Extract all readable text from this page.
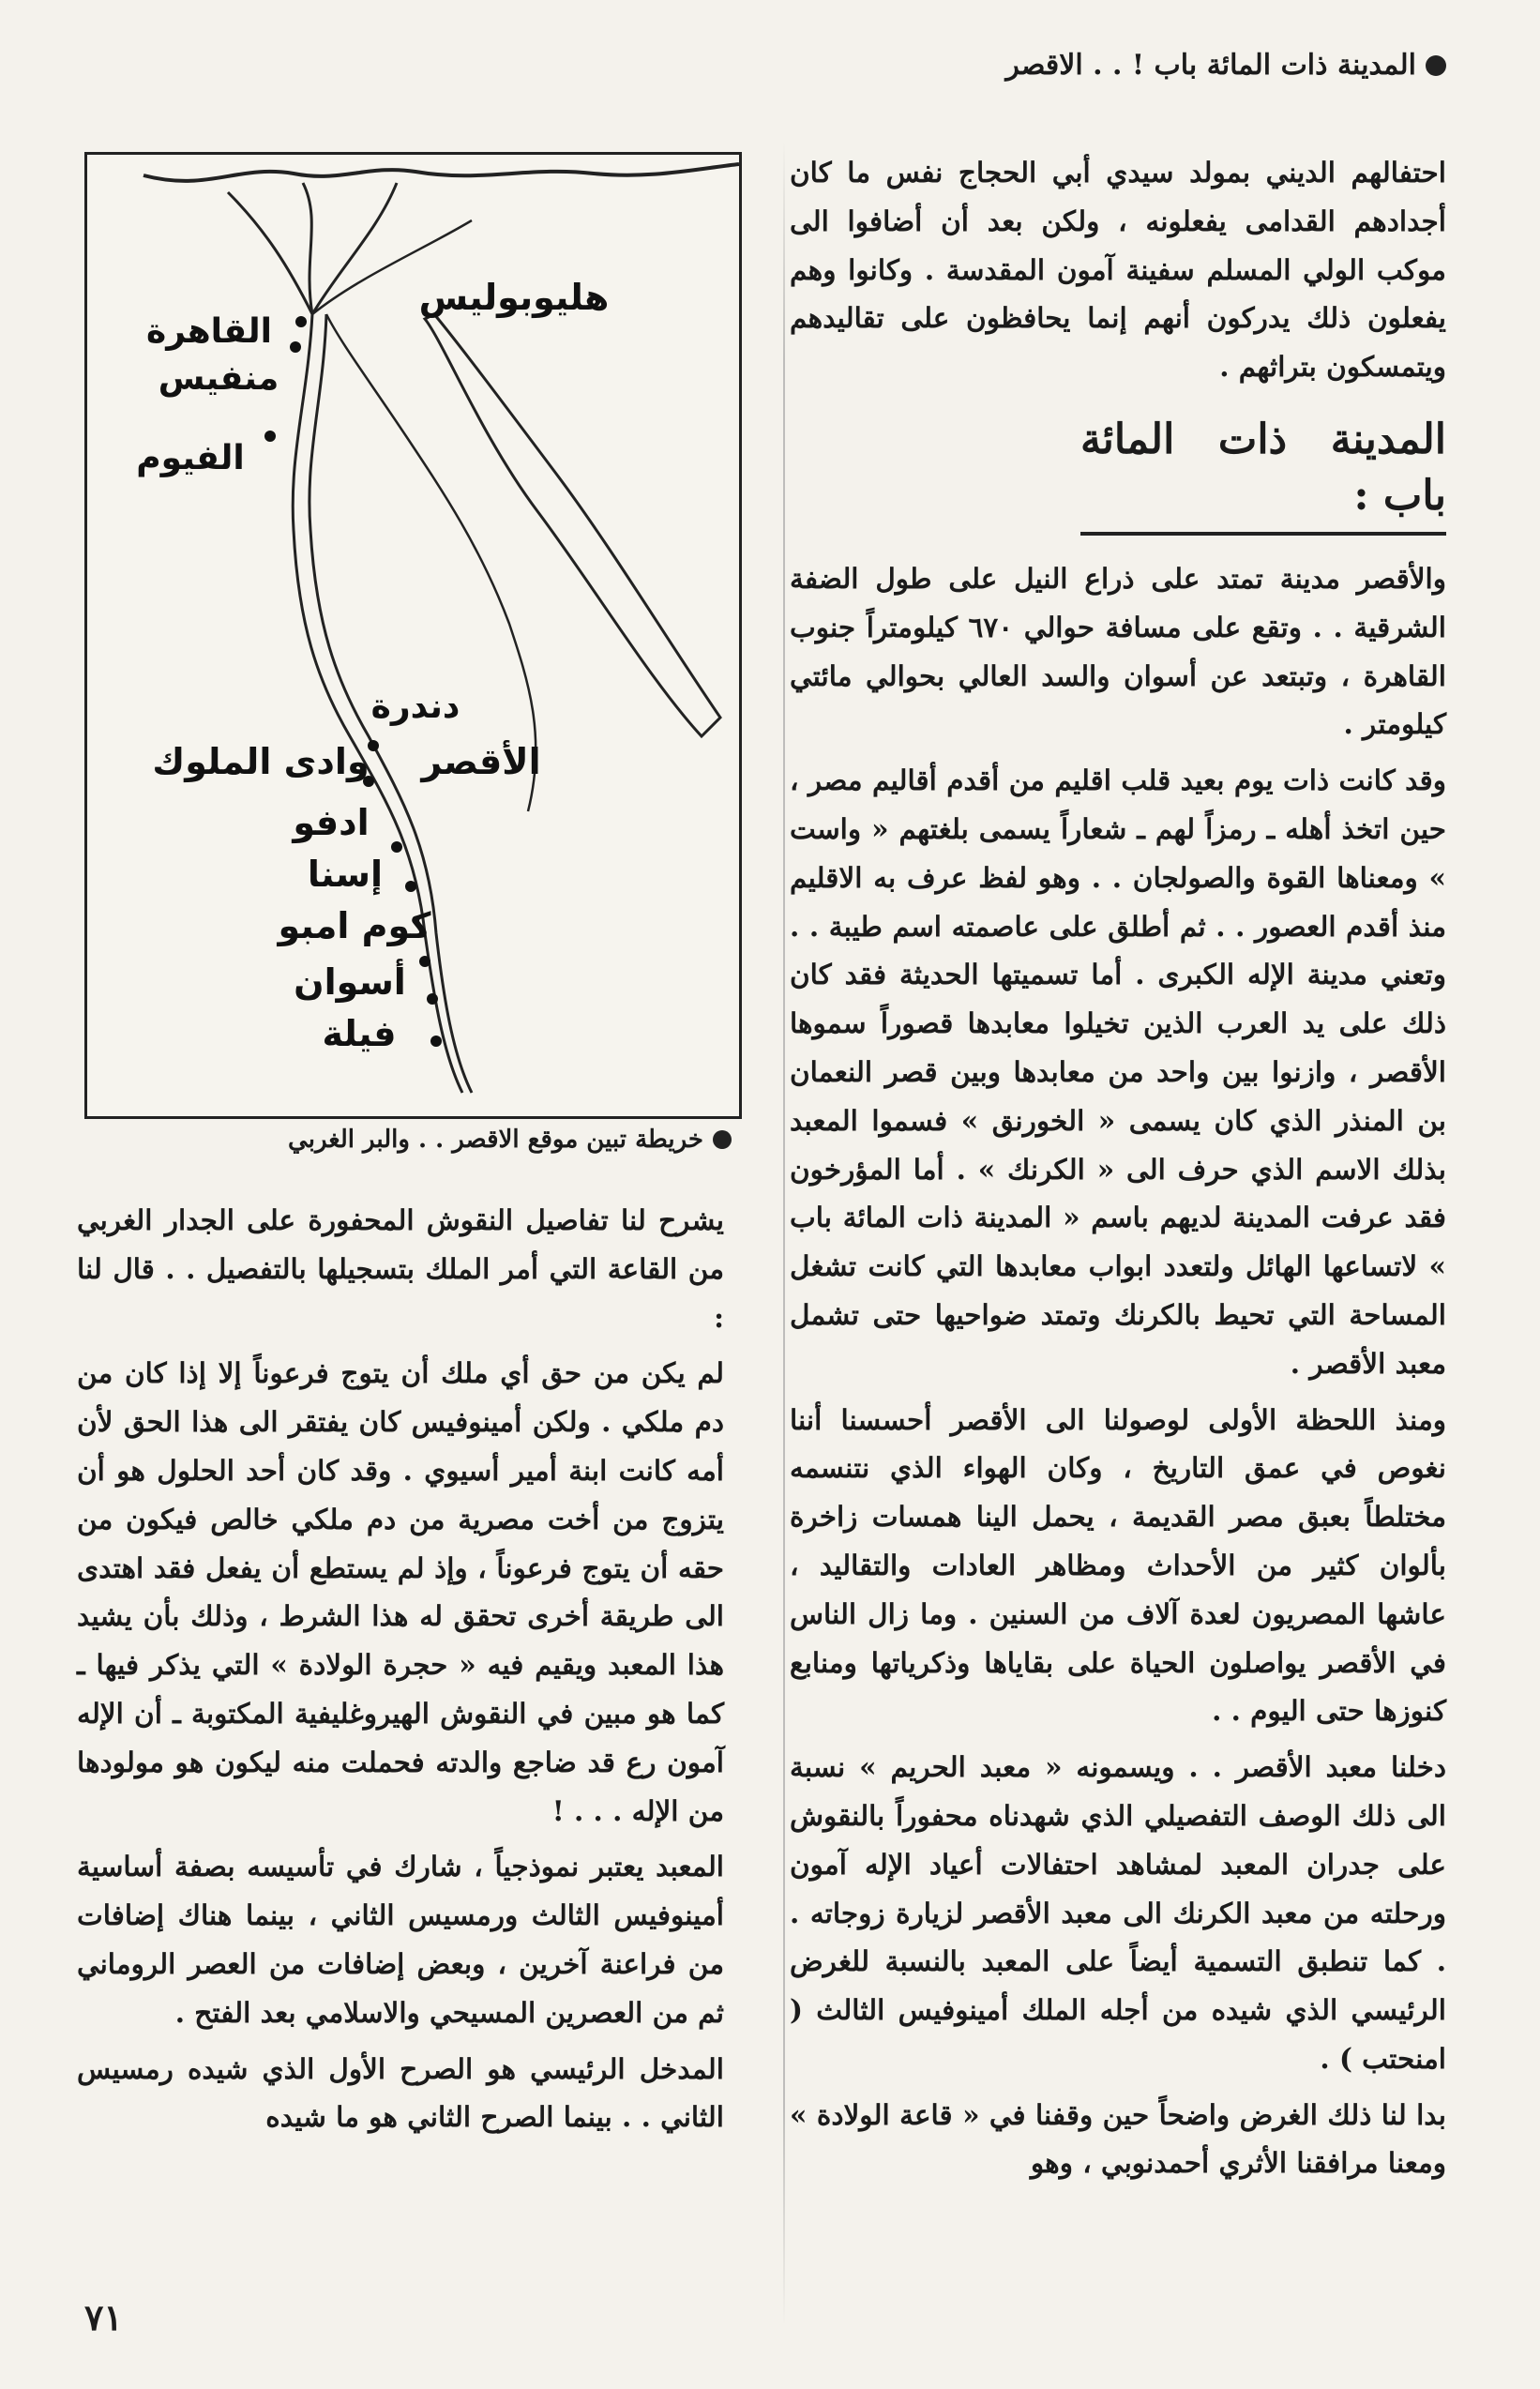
المدينة ذات المائة باب ! . . الاقصر

احتفالهم الديني بمولد سيدي أبي الحجاج نفس ما كان أجدادهم القدامى يفعلونه ، ولكن بعد أن أضافوا الى موكب الولي المسلم سفينة آمون المقدسة . وكانوا وهم يفعلون ذلك يدركون أنهم إنما يحافظون على تقاليدهم ويتمسكون بتراثهم .

المدينة ذات المائة باب :

والأقصر مدينة تمتد على ذراع النيل على طول الضفة الشرقية . . وتقع على مسافة حوالي ٦٧٠ كيلومتراً جنوب القاهرة ، وتبتعد عن أسوان والسد العالي بحوالي مائتي كيلومتر .

وقد كانت ذات يوم بعيد قلب اقليم من أقدم أقاليم مصر ، حين اتخذ أهله ـ رمزاً لهم ـ شعاراً يسمى بلغتهم « واست » ومعناها القوة والصولجان . . وهو لفظ عرف به الاقليم منذ أقدم العصور . . ثم أطلق على عاصمته اسم طيبة . . وتعني مدينة الإله الكبرى . أما تسميتها الحديثة فقد كان ذلك على يد العرب الذين تخيلوا معابدها قصوراً سموها الأقصر ، وازنوا بين واحد من معابدها وبين قصر النعمان بن المنذر الذي كان يسمى « الخورنق » فسموا المعبد بذلك الاسم الذي حرف الى « الكرنك » . أما المؤرخون فقد عرفت المدينة لديهم باسم « المدينة ذات المائة باب » لاتساعها الهائل ولتعدد ابواب معابدها التي كانت تشغل المساحة التي تحيط بالكرنك وتمتد ضواحيها حتى تشمل معبد الأقصر .

ومنذ اللحظة الأولى لوصولنا الى الأقصر أحسسنا أننا نغوص في عمق التاريخ ، وكان الهواء الذي نتنسمه مختلطاً بعبق مصر القديمة ، يحمل الينا همسات زاخرة بألوان كثير من الأحداث ومظاهر العادات والتقاليد ، عاشها المصريون لعدة آلاف من السنين . وما زال الناس في الأقصر يواصلون الحياة على بقاياها وذكرياتها ومنابع كنوزها حتى اليوم . .

دخلنا معبد الأقصر . . ويسمونه « معبد الحريم » نسبة الى ذلك الوصف التفصيلي الذي شهدناه محفوراً بالنقوش على جدران المعبد لمشاهد احتفالات أعياد الإله آمون ورحلته من معبد الكرنك الى معبد الأقصر لزيارة زوجاته . . كما تنطبق التسمية أيضاً على المعبد بالنسبة للغرض الرئيسي الذي شيده من أجله الملك أمينوفيس الثالث ( امنحتب ) .

بدا لنا ذلك الغرض واضحاً حين وقفنا في « قاعة الولادة » ومعنا مرافقنا الأثري أحمدنوبي ، وهو

هليوبوليس
القاهرة
منفيس
الفيوم
دندرة
الأقصر
وادى الملوك
ادفو
إسنا
كوم امبو
أسوان
فيلة
خريطة تبين موقع الاقصر . . والبر الغربي

يشرح لنا تفاصيل النقوش المحفورة على الجدار الغربي من القاعة التي أمر الملك بتسجيلها بالتفصيل . . قال لنا :

لم يكن من حق أي ملك أن يتوج فرعوناً إلا إذا كان من دم ملكي . ولكن أمينوفيس كان يفتقر الى هذا الحق لأن أمه كانت ابنة أمير أسيوي . وقد كان أحد الحلول هو أن يتزوج من أخت مصرية من دم ملكي خالص فيكون من حقه أن يتوج فرعوناً ، وإذ لم يستطع أن يفعل فقد اهتدى الى طريقة أخرى تحقق له هذا الشرط ، وذلك بأن يشيد هذا المعبد ويقيم فيه « حجرة الولادة » التي يذكر فيها ـ كما هو مبين في النقوش الهيروغليفية المكتوبة ـ أن الإله آمون رع قد ضاجع والدته فحملت منه ليكون هو مولودها من الإله . . . !

المعبد يعتبر نموذجياً ، شارك في تأسيسه بصفة أساسية أمينوفيس الثالث ورمسيس الثاني ، بينما هناك إضافات من فراعنة آخرين ، وبعض إضافات من العصر الروماني ثم من العصرين المسيحي والاسلامي بعد الفتح .

المدخل الرئيسي هو الصرح الأول الذي شيده رمسيس الثاني . . بينما الصرح الثاني هو ما شيده

٧١
